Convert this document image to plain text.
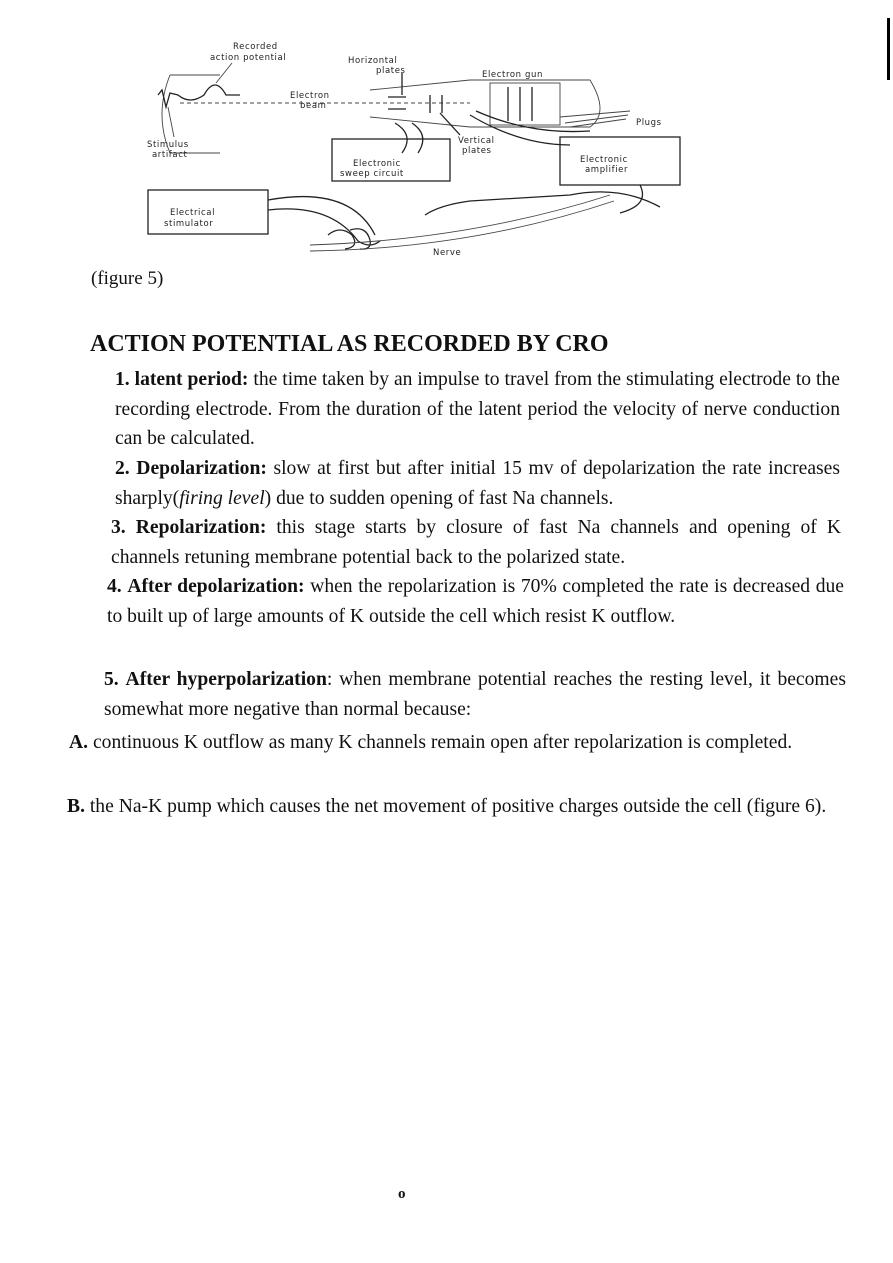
Recorded
action potential	Horizontal
plates	Electron gun
Electron
beam
Plugs
Stimulus
artifact
Vertical
plates
Electronic
sweep circuit
Electronic
amplifier
Electrical
stimulator
Nerve
(figure 5)
ACTION POTENTIAL AS RECORDED BY CRO
1. latent period: the time taken by an impulse to travel from the stimulating electrode to the recording electrode. From the duration of the latent period the velocity of nerve conduction can be calculated.
2. Depolarization: slow at first but after initial 15 mv of depolarization the rate increases sharply(firing level) due to sudden opening of fast Na channels.
3. Repolarization: this stage starts by closure of fast Na channels and opening of K channels retuning membrane potential back to the polarized state.
4. After depolarization: when the repolarization is 70% completed the rate is decreased due to built up of large amounts of K outside the cell which resist K outflow.
5. After hyperpolarization: when membrane potential reaches the resting level, it becomes somewhat more negative than normal because:
A. continuous K outflow as many K channels remain open after repolarization is completed.
B. the Na-K pump which causes the net movement of positive charges outside the cell (figure 6).
o
